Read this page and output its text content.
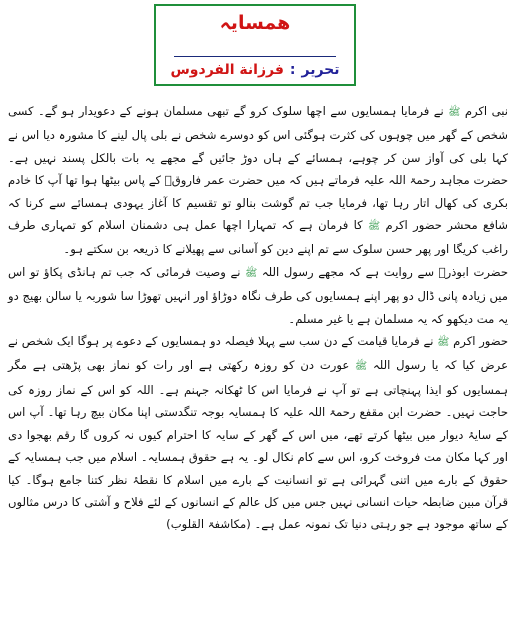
ھمسایہ
تحریر
:
فرزانة الفردوس

نبی اکرم ﷺ نے فرمایا ہمسایوں سے اچھا سلوک کرو گے تبھی مسلمان ہونے کے دعویدار ہو گے۔ کسی شخص کے گھر میں چوہوں کی کثرت ہوگئی اس کو دوسرے شخص نے بلی پال لینے کا مشورہ دیا اس نے کہا بلی کی آواز سن کر چوہے، ہمسائے کے ہاں دوڑ جائیں گے مجھے یہ بات بالکل پسند نہیں ہے۔ حضرت مجاہد رحمۃ اللہ علیہ فرماتے ہیں کہ میں حضرت عمر فاروقؓ کے پاس بیٹھا ہوا تھا آپ کا خادم بکری کی کھال اتار رہا تھا، فرمایا جب تم گوشت بنالو تو تقسیم کا آغاز یہودی ہمسائے سے کرنا کہ شافع محشر حضور اکرم ﷺ کا فرمان ہے کہ تمہارا اچھا عمل ہی دشمنان اسلام کو تمہاری طرف راغب کریگا اور پھر حسن سلوک سے تم اپنے دین کو آسانی سے پھیلانے کا ذریعہ بن سکتے ہو۔

حضرت ابوذرؓ سے روایت ہے کہ مجھے رسول اللہ ﷺ نے وصیت فرمائی کہ جب تم ہانڈی پکاؤ تو اس میں زیادہ پانی ڈال دو پھر اپنے ہمسایوں کی طرف نگاہ دوڑاؤ اور انہیں تھوڑا سا شوربہ یا سالن بھیج دو یہ مت دیکھو کہ یہ مسلمان ہے یا غیر مسلم۔

حضور اکرم ﷺ نے فرمایا قیامت کے دن سب سے پہلا فیصلہ دو ہمسایوں کے دعوے پر ہوگا ایک شخص نے عرض کیا کہ یا رسول اللہ ﷺ عورت دن کو روزہ رکھتی ہے اور رات کو نماز بھی پڑھتی ہے مگر ہمسایوں کو ایذا پہنچاتی ہے تو آپ نے فرمایا اس کا ٹھکانہ جہنم ہے۔ اللہ کو اس کے نماز روزہ کی حاجت نہیں۔ حضرت ابن مقفع رحمۃ اللہ علیہ کا ہمسایہ بوجہ تنگدستی اپنا مکان بیچ رہا تھا۔ آپ اس کے سایۂ دیوار میں بیٹھا کرتے تھے، میں اس کے گھر کے سایہ کا احترام کیوں نہ کروں گا رقم بھجوا دی اور کہا مکان مت فروخت کرو، اس سے کام نکال لو۔ یہ ہے حقوق ہمسایہ۔ اسلام میں جب ہمسایہ کے حقوق کے بارے میں اتنی گہرائی ہے تو انسانیت کے بارے میں اسلام کا نقطۂ نظر کتنا جامع ہوگا۔ کیا قرآن مبین ضابطہ حیات انسانی نہیں جس میں کل عالم کے انسانوں کے لئے فلاح و آشتی کا درس مثالوں کے ساتھ موجود ہے جو رہتی دنیا تک نمونہ عمل ہے۔ (مکاشفۃ القلوب)
